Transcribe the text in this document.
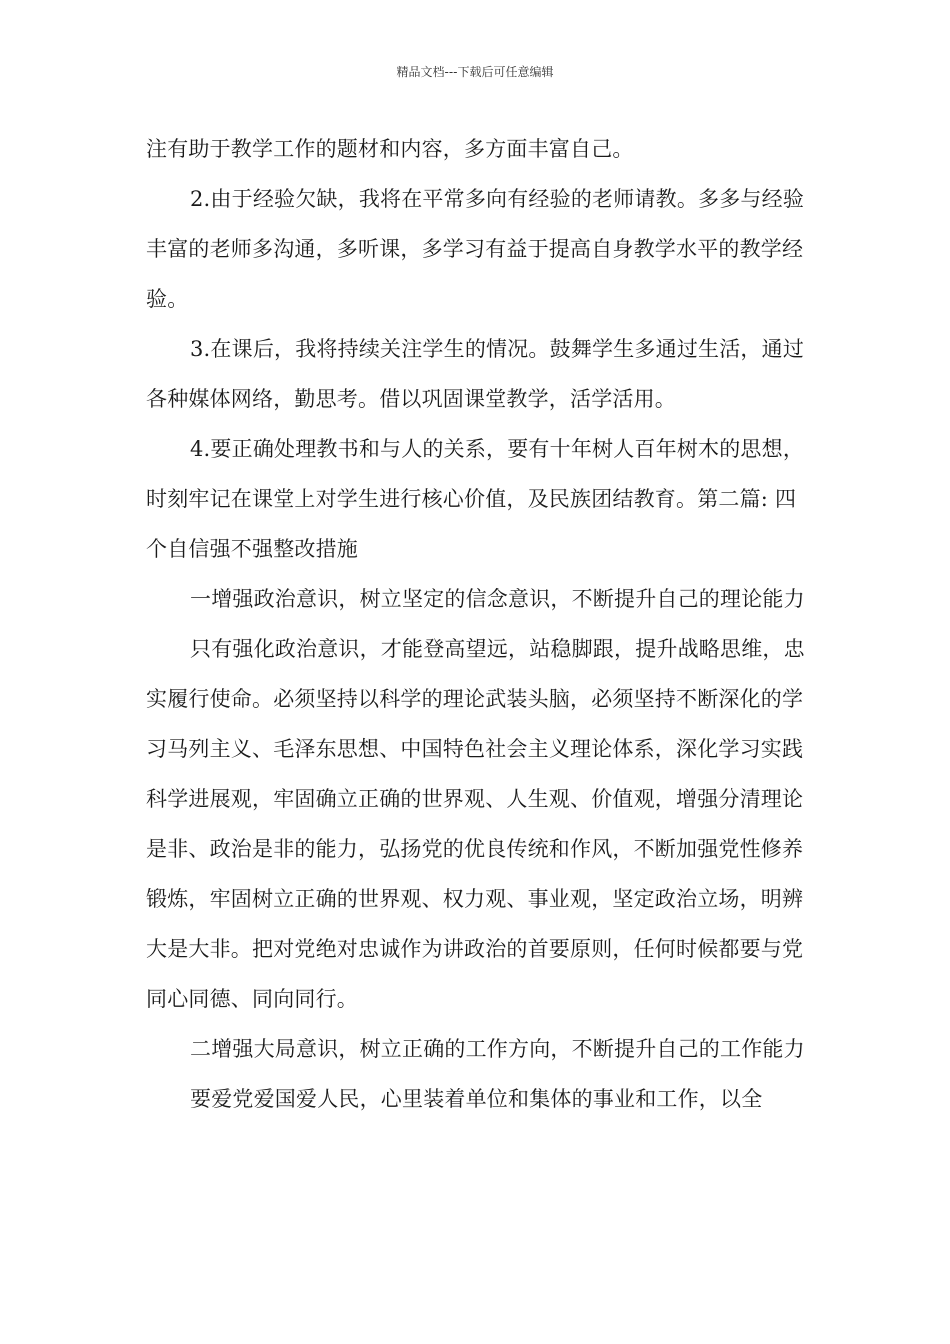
精品文档---下载后可任意编辑

注有助于教学工作的题材和内容，多方面丰富自己。

2.由于经验欠缺，我将在平常多向有经验的老师请教。多多与经验丰富的老师多沟通，多听课，多学习有益于提高自身教学水平的教学经验。

3.在课后，我将持续关注学生的情况。鼓舞学生多通过生活，通过各种媒体网络，勤思考。借以巩固课堂教学，活学活用。

4.要正确处理教书和与人的关系，要有十年树人百年树木的思想，时刻牢记在课堂上对学生进行核心价值，及民族团结教育。第二篇: 四个自信强不强整改措施

一增强政治意识，树立坚定的信念意识，不断提升自己的理论能力

只有强化政治意识，才能登高望远，站稳脚跟，提升战略思维，忠实履行使命。必须坚持以科学的理论武装头脑，必须坚持不断深化的学习马列主义、毛泽东思想、中国特色社会主义理论体系，深化学习实践科学进展观，牢固确立正确的世界观、人生观、价值观，增强分清理论是非、政治是非的能力，弘扬党的优良传统和作风，不断加强党性修养锻炼，牢固树立正确的世界观、权力观、事业观，坚定政治立场，明辨大是大非。把对党绝对忠诚作为讲政治的首要原则，任何时候都要与党同心同德、同向同行。

二增强大局意识，树立正确的工作方向，不断提升自己的工作能力

要爱党爱国爱人民，心里装着单位和集体的事业和工作，以全
